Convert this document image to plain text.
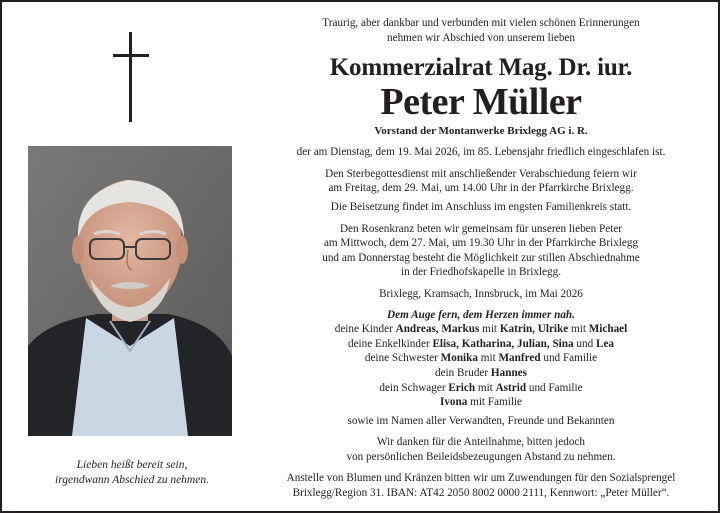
Lieben heißt bereit sein,
irgendwann Abschied zu nehmen.
Traurig, aber dankbar und verbunden mit vielen schönen Erinnerungen
nehmen wir Abschied von unserem lieben
Kommerzialrat Mag. Dr. iur.
Peter Müller
Vorstand der Montanwerke Brixlegg AG i. R.
der am Dienstag, dem 19. Mai 2026, im 85. Lebensjahr friedlich eingeschlafen ist.
Den Sterbegottesdienst mit anschließender Verabschiedung feiern wir
am Freitag, dem 29. Mai, um 14.00 Uhr in der Pfarrkirche Brixlegg.
Die Beisetzung findet im Anschluss im engsten Familienkreis statt.
Den Rosenkranz beten wir gemeinsam für unseren lieben Peter
am Mittwoch, dem 27. Mai, um 19.30 Uhr in der Pfarrkirche Brixlegg
und am Donnerstag besteht die Möglichkeit zur stillen Abschiednahme
in der Friedhofskapelle in Brixlegg.
Brixlegg, Kramsach, Innsbruck, im Mai 2026
Dem Auge fern, dem Herzen immer nah.
deine Kinder Andreas, Markus mit Katrin, Ulrike mit Michael
deine Enkelkinder Elisa, Katharina, Julian, Sina und Lea
deine Schwester Monika mit Manfred und Familie
dein Bruder Hannes
dein Schwager Erich mit Astrid und Familie
Ivona mit Familie
sowie im Namen aller Verwandten, Freunde und Bekannten
Wir danken für die Anteilnahme, bitten jedoch
von persönlichen Beileidsbezeugungen Abstand zu nehmen.
Anstelle von Blumen und Kränzen bitten wir um Zuwendungen für den Sozialsprengel
Brixlegg/Region 31. IBAN: AT42 2050 8002 0000 2111, Kennwort: „Peter Müller“.
